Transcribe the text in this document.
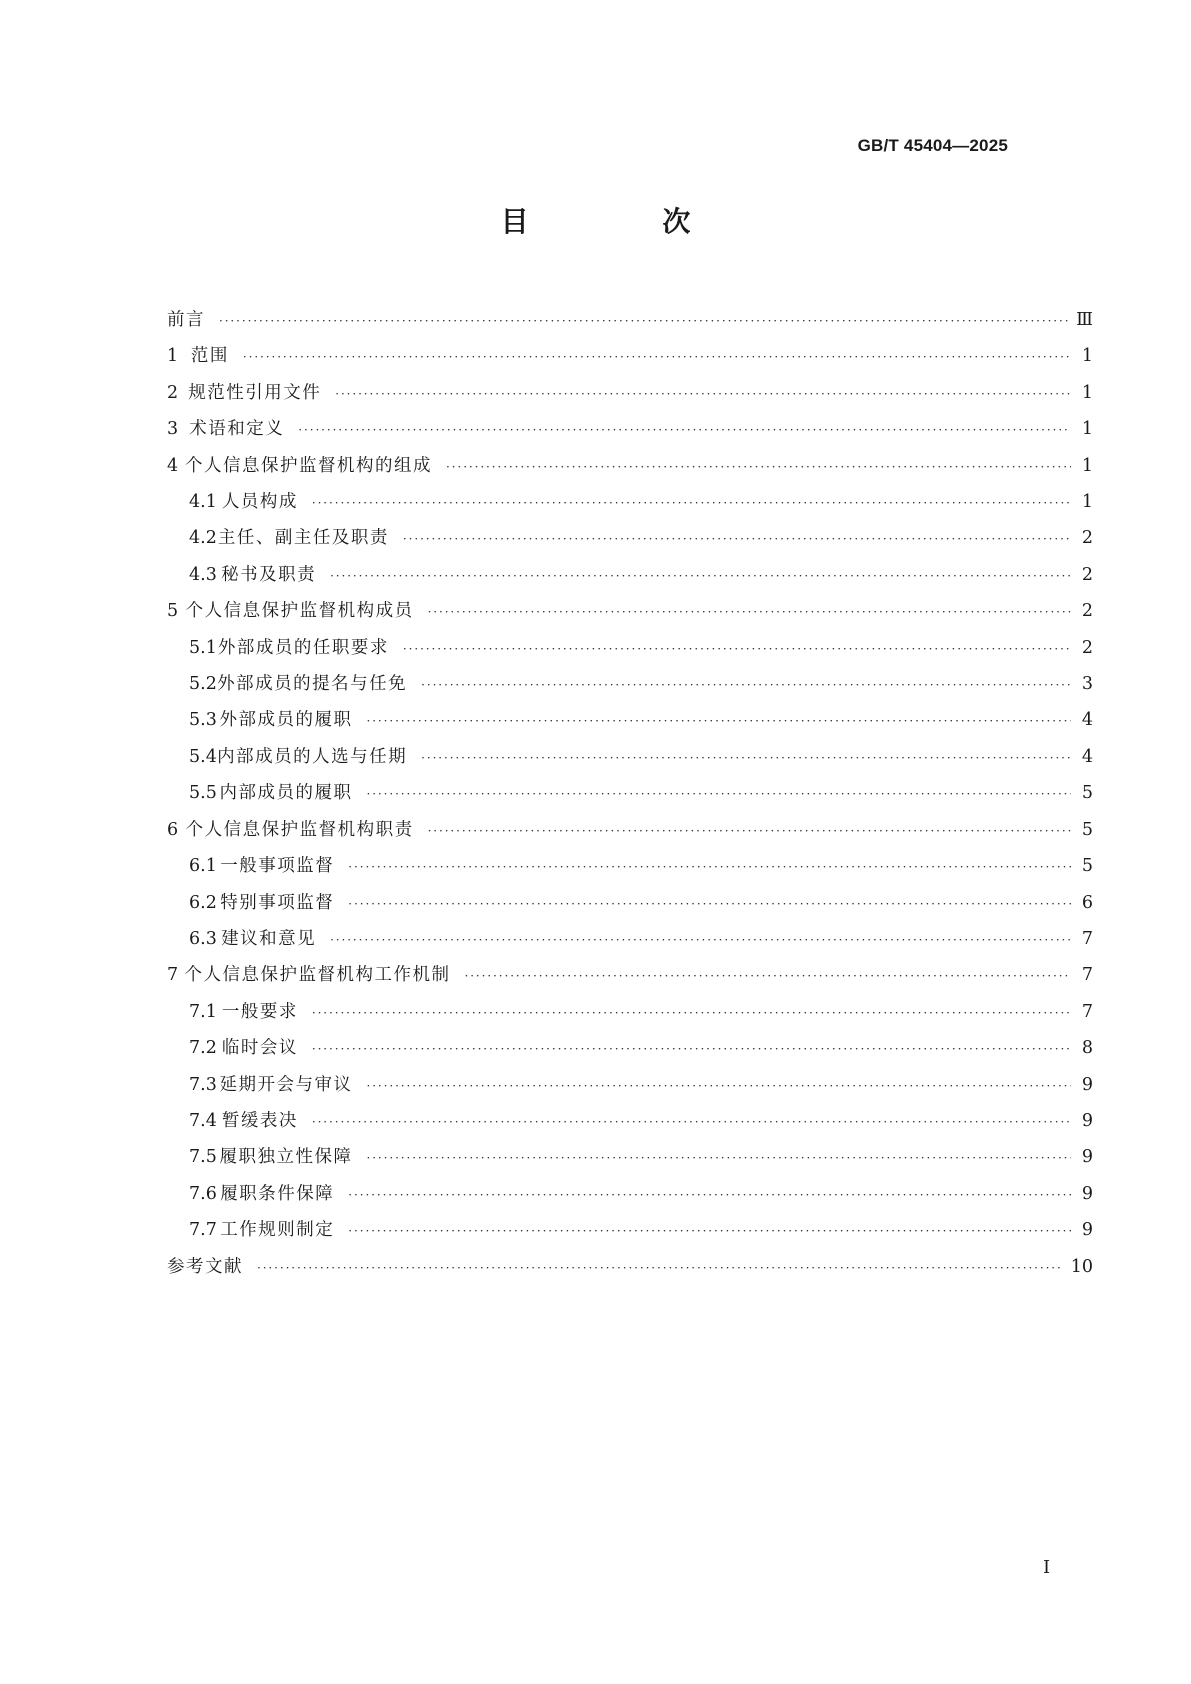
GB/T 45404—2025
目 次
前言 ·····	Ⅲ
1 范围 ·····	1
2 规范性引用文件 ·····	1
3 术语和定义 ·····	1
4 个人信息保护监督机构的组成 ·····	1
4.1 人员构成 ·····	1
4.2 主任、副主任及职责 ·····	2
4.3 秘书及职责 ·····	2
5 个人信息保护监督机构成员 ·····	2
5.1 外部成员的任职要求 ·····	2
5.2 外部成员的提名与任免 ·····	3
5.3 外部成员的履职 ·····	4
5.4 内部成员的人选与任期 ·····	4
5.5 内部成员的履职 ·····	5
6 个人信息保护监督机构职责 ·····	5
6.1 一般事项监督 ·····	5
6.2 特别事项监督 ·····	6
6.3 建议和意见 ·····	7
7 个人信息保护监督机构工作机制 ·····	7
7.1 一般要求 ·····	7
7.2 临时会议 ·····	8
7.3 延期开会与审议 ·····	9
7.4 暂缓表决 ·····	9
7.5 履职独立性保障 ·····	9
7.6 履职条件保障 ·····	9
7.7 工作规则制定 ·····	9
参考文献 ·····	10
I
